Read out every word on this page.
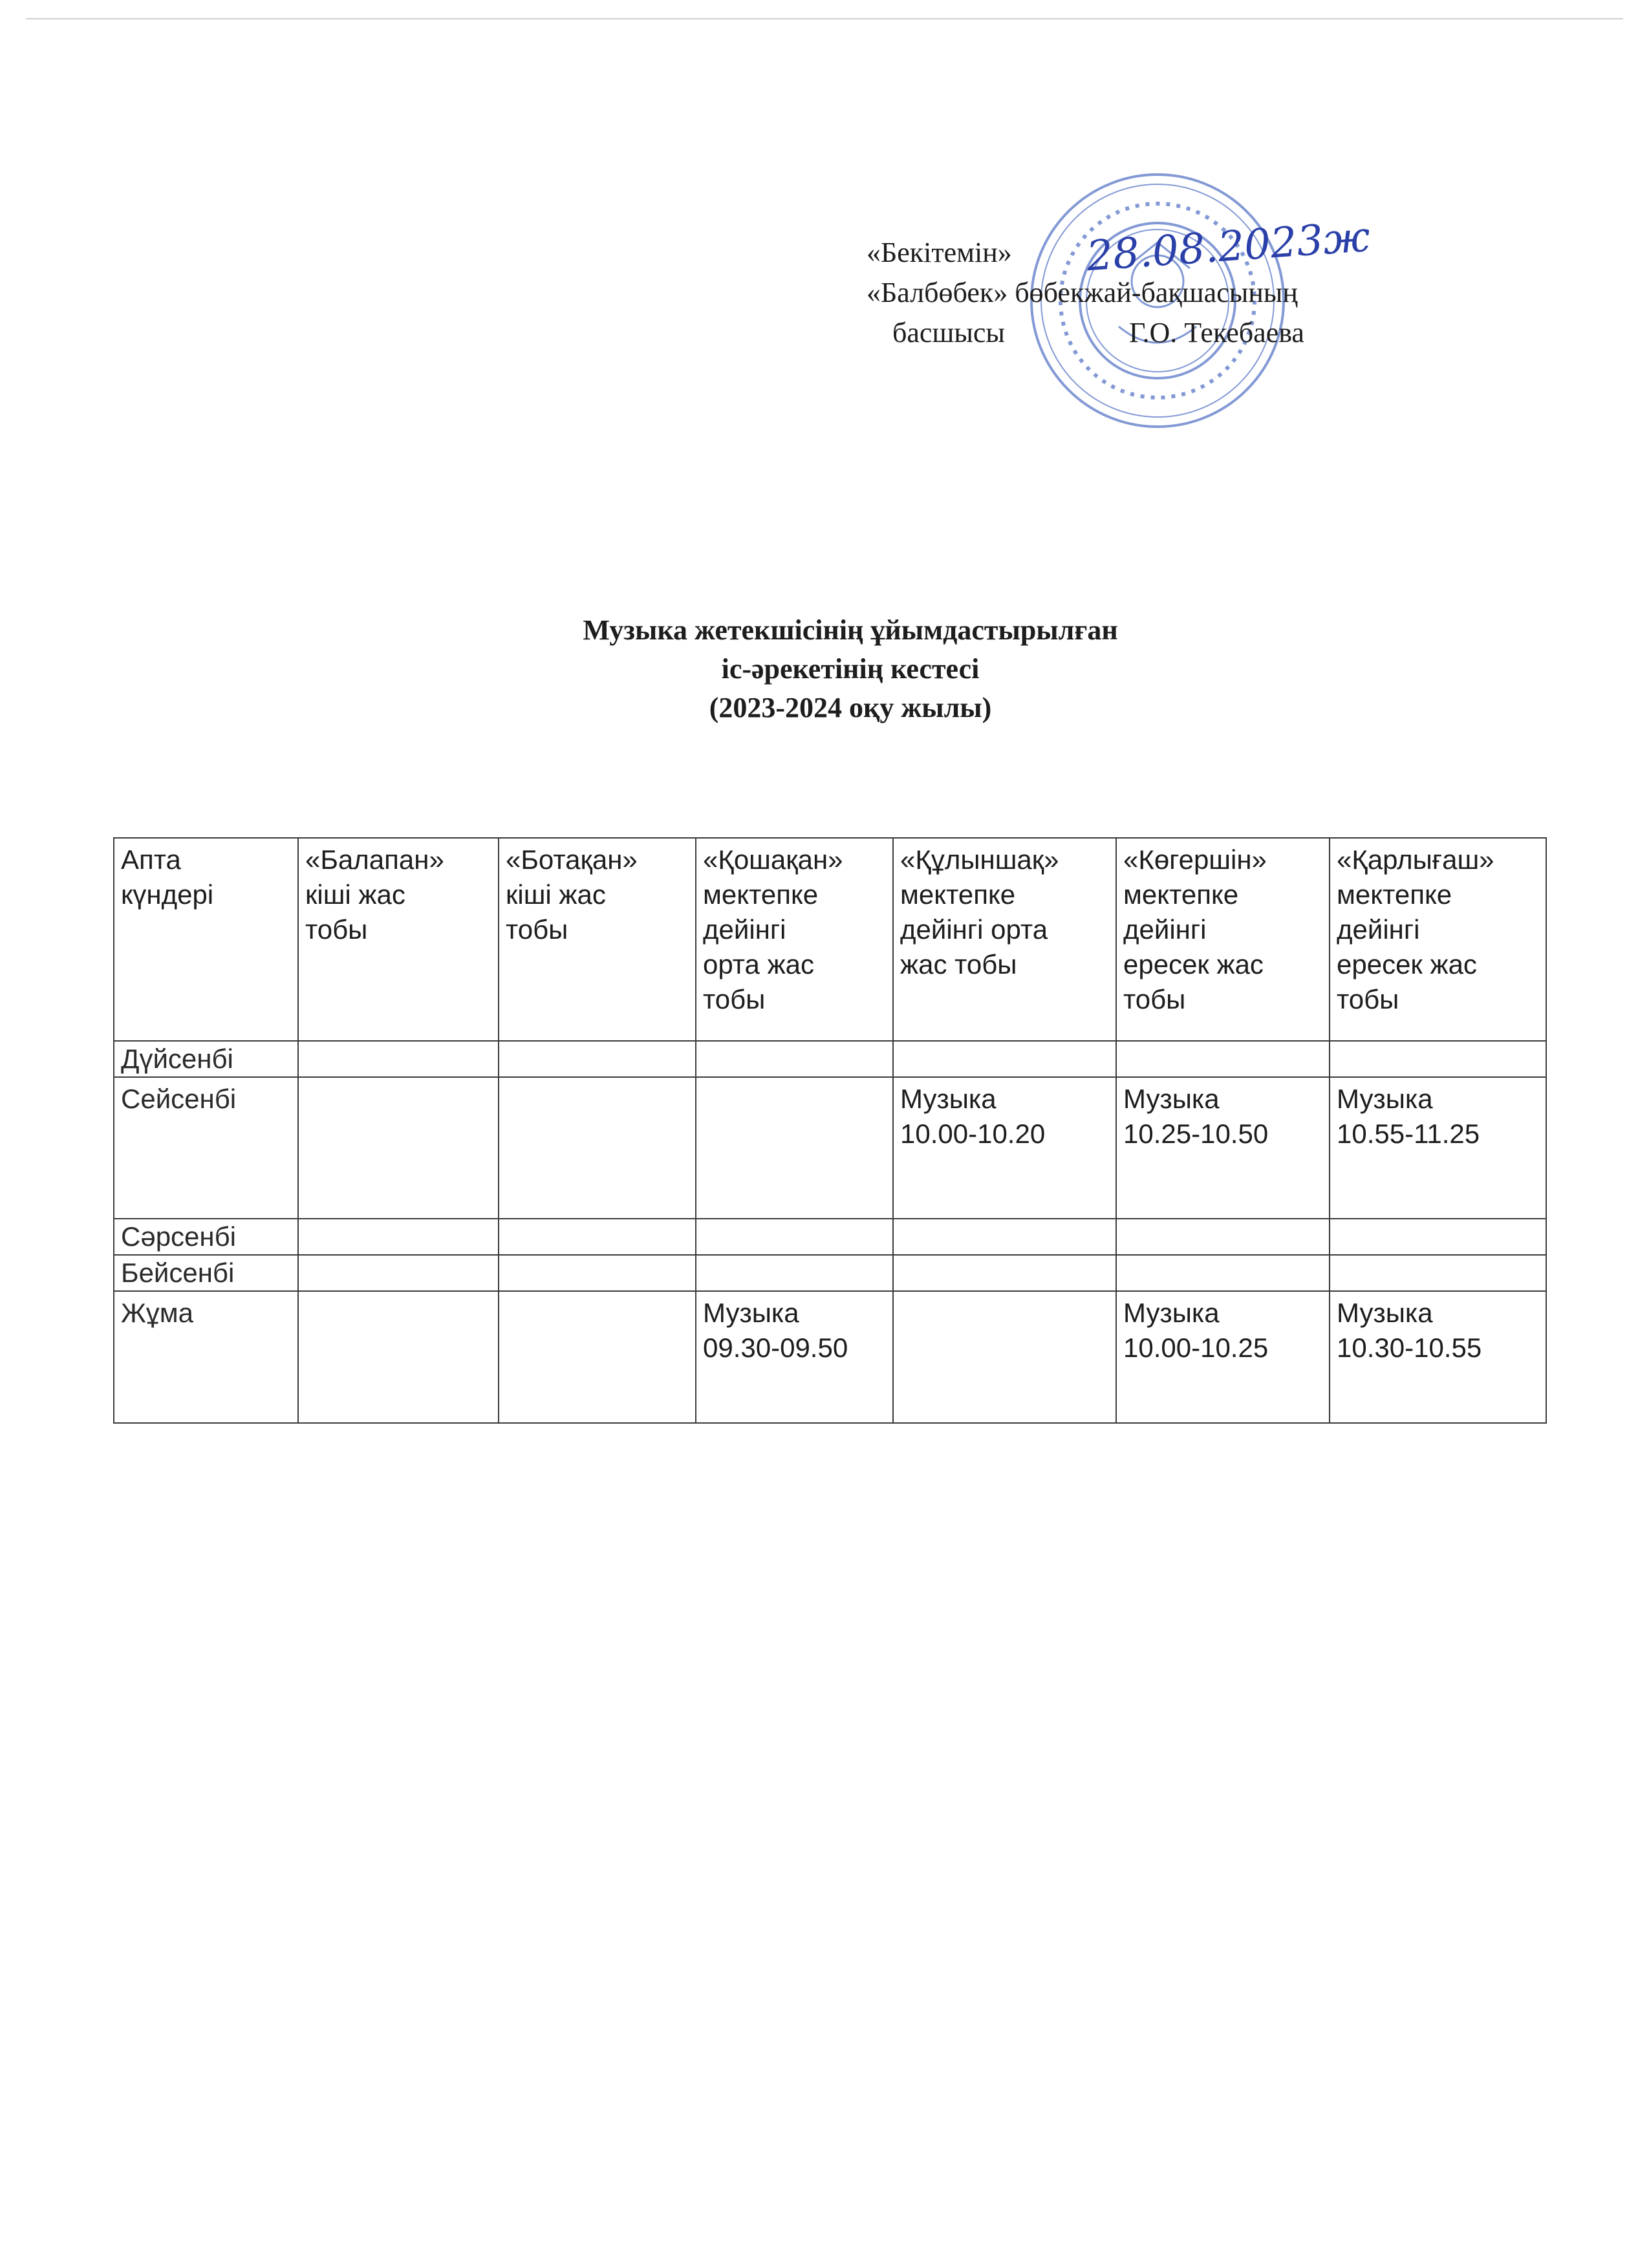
28.08.2023ж
«Бекітемін»
«Балбөбек» бөбекжай-бақшасының
басшысы	Г.О. Текебаева
Музыка жетекшісінің ұйымдастырылған
іс-әрекетінің кестесі
(2023-2024 оқу жылы)
Апта
күндері	«Балапан»
кіші жас
тобы	«Ботақан»
кіші жас
тобы	«Қошақан»
мектепке
дейінгі
орта жас
тобы	«Құлыншақ»
мектепке
дейінгі орта
жас тобы	«Көгершін»
мектепке
дейінгі
ересек жас
тобы	«Қарлығаш»
мектепке
дейінгі
ересек жас
тобы
Дүйсенбі						
Сейсенбі				Музыка
10.00-10.20	Музыка
10.25-10.50	Музыка
10.55-11.25
Сәрсенбі						
Бейсенбі						
Жұма			Музыка
09.30-09.50		Музыка
10.00-10.25	Музыка
10.30-10.55
